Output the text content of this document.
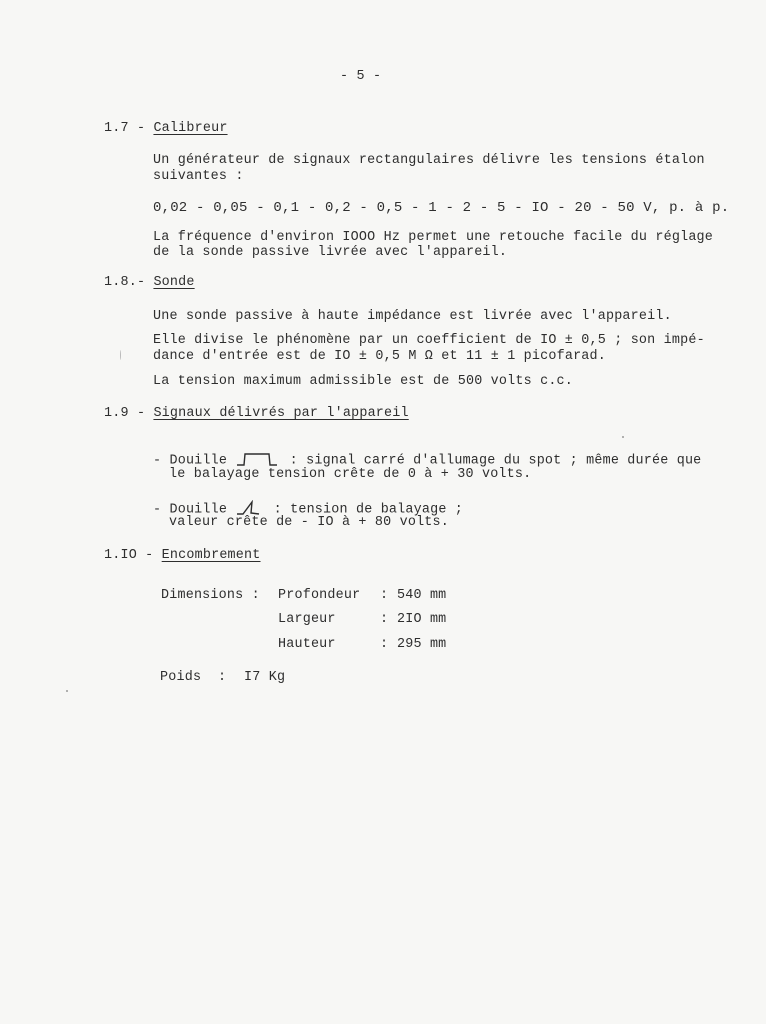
- 5 -
1.7 - Calibreur
Un générateur de signaux rectangulaires délivre les tensions étalon
suivantes :
0,02 - 0,05 - 0,1 - 0,2 - 0,5 - 1 - 2 - 5 - IO - 20 - 50 V, p. à p.
La fréquence d'environ IOOO Hz permet une retouche facile du réglage
de la sonde passive livrée avec l'appareil.
1.8.- Sonde
Une sonde passive à haute impédance est livrée avec l'appareil.
Elle divise le phénomène par un coefficient de IO ± 0,5 ; son impé-
dance d'entrée est de IO ± 0,5 M Ω et 11 ± 1 picofarad.
La tension maximum admissible est de 500 volts c.c.
1.9 - Signaux délivrés par l'appareil
- Douille	: signal carré d'allumage du spot ; même durée que
le balayage tension crête de 0 à + 30 volts.
- Douille	: tension de balayage ;
valeur crête de - IO à + 80 volts.
1.IO - Encombrement
Dimensions : Profondeur : 540 mm
Largeur	: 2IO mm
Hauteur	: 295 mm
Poids : I7 Kg
